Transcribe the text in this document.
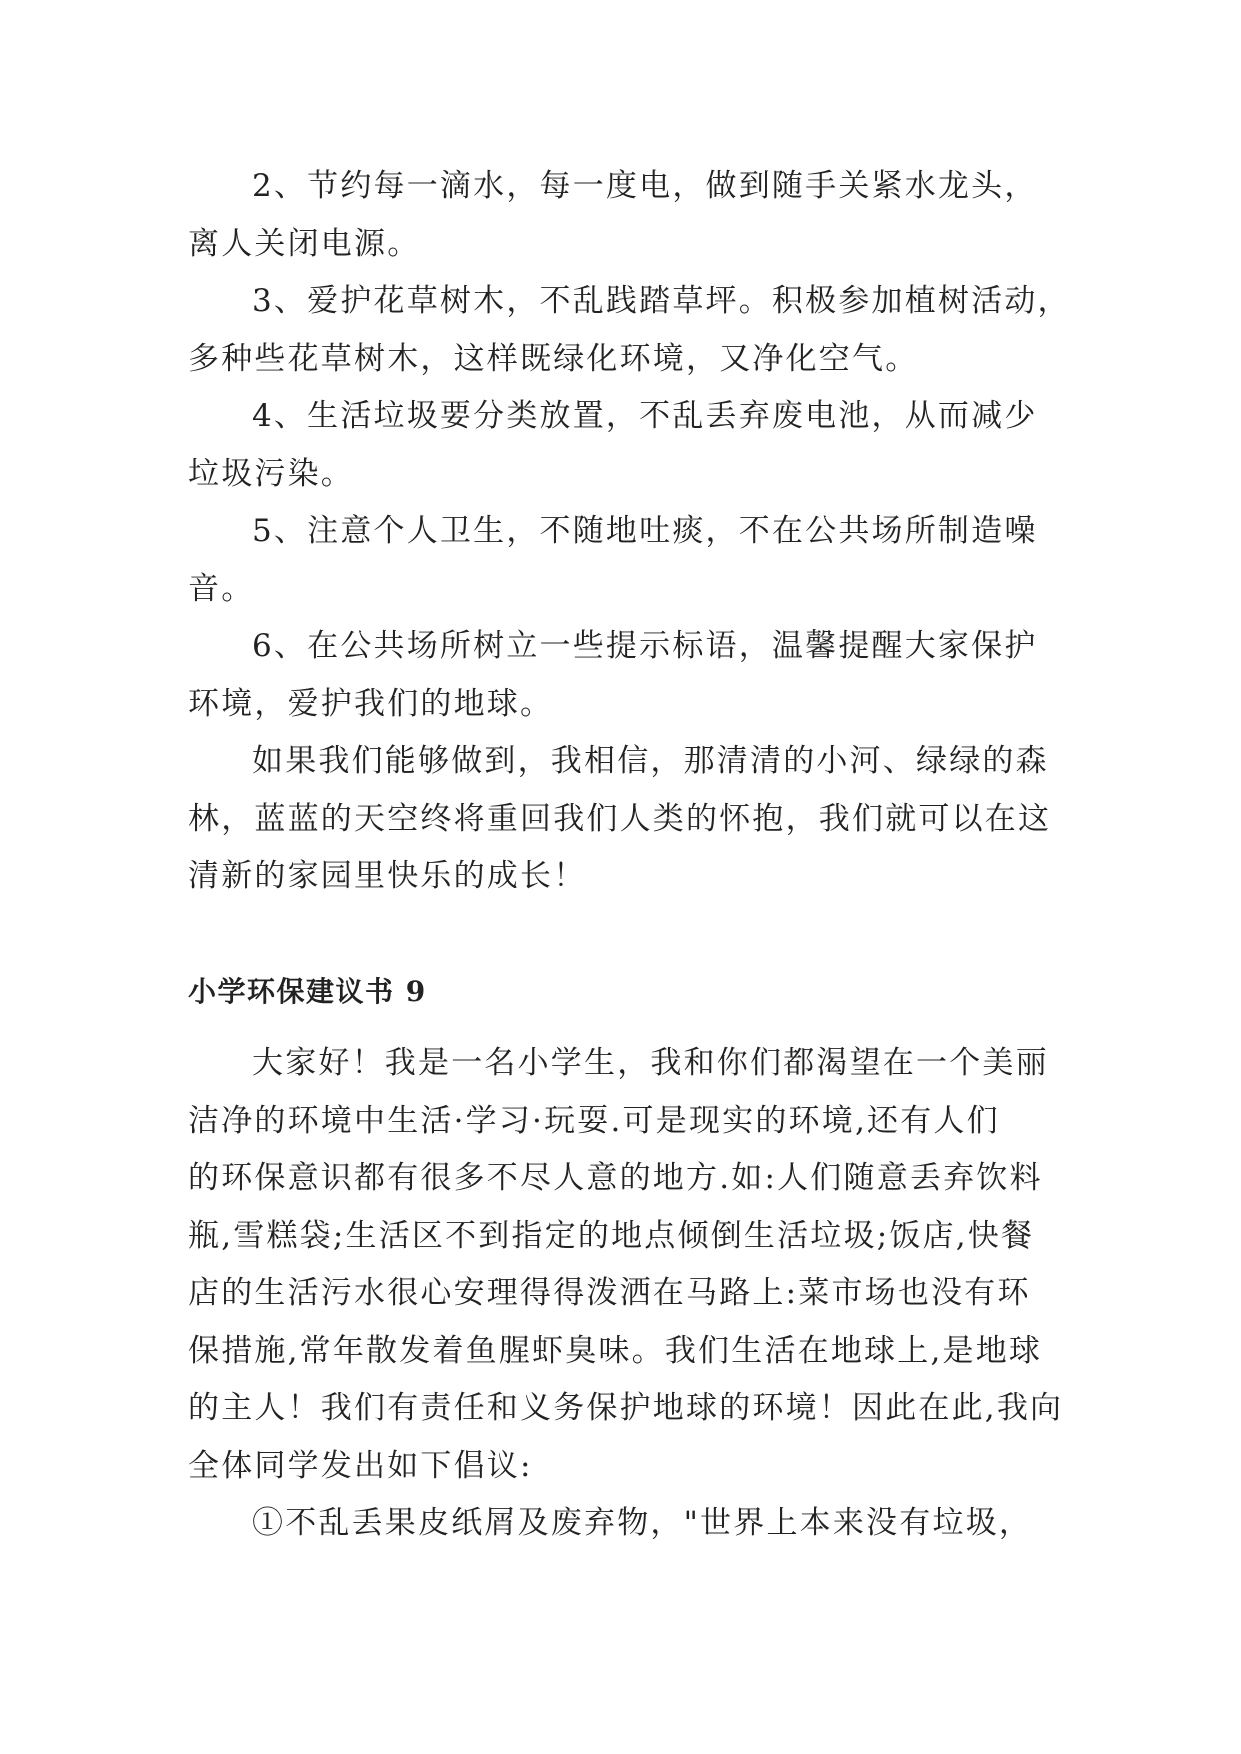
2、节约每一滴水，每一度电，做到随手关紧水龙头，
离人关闭电源。
3、爱护花草树木，不乱践踏草坪。积极参加植树活动，
多种些花草树木，这样既绿化环境，又净化空气。
4、生活垃圾要分类放置，不乱丢弃废电池，从而减少
垃圾污染。
5、注意个人卫生，不随地吐痰，不在公共场所制造噪
音。
6、在公共场所树立一些提示标语，温馨提醒大家保护
环境，爱护我们的地球。
如果我们能够做到，我相信，那清清的小河、绿绿的森
林，蓝蓝的天空终将重回我们人类的怀抱，我们就可以在这
清新的家园里快乐的成长！
小学环保建议书 9
大家好！我是一名小学生，我和你们都渴望在一个美丽
洁净的环境中生活·学习·玩耍.可是现实的环境,还有人们
的环保意识都有很多不尽人意的地方.如:人们随意丢弃饮料
瓶,雪糕袋;生活区不到指定的地点倾倒生活垃圾;饭店,快餐
店的生活污水很心安理得得泼洒在马路上:菜市场也没有环
保措施,常年散发着鱼腥虾臭味。我们生活在地球上,是地球
的主人！我们有责任和义务保护地球的环境！因此在此,我向
全体同学发出如下倡议:
①不乱丢果皮纸屑及废弃物，"世界上本来没有垃圾，
